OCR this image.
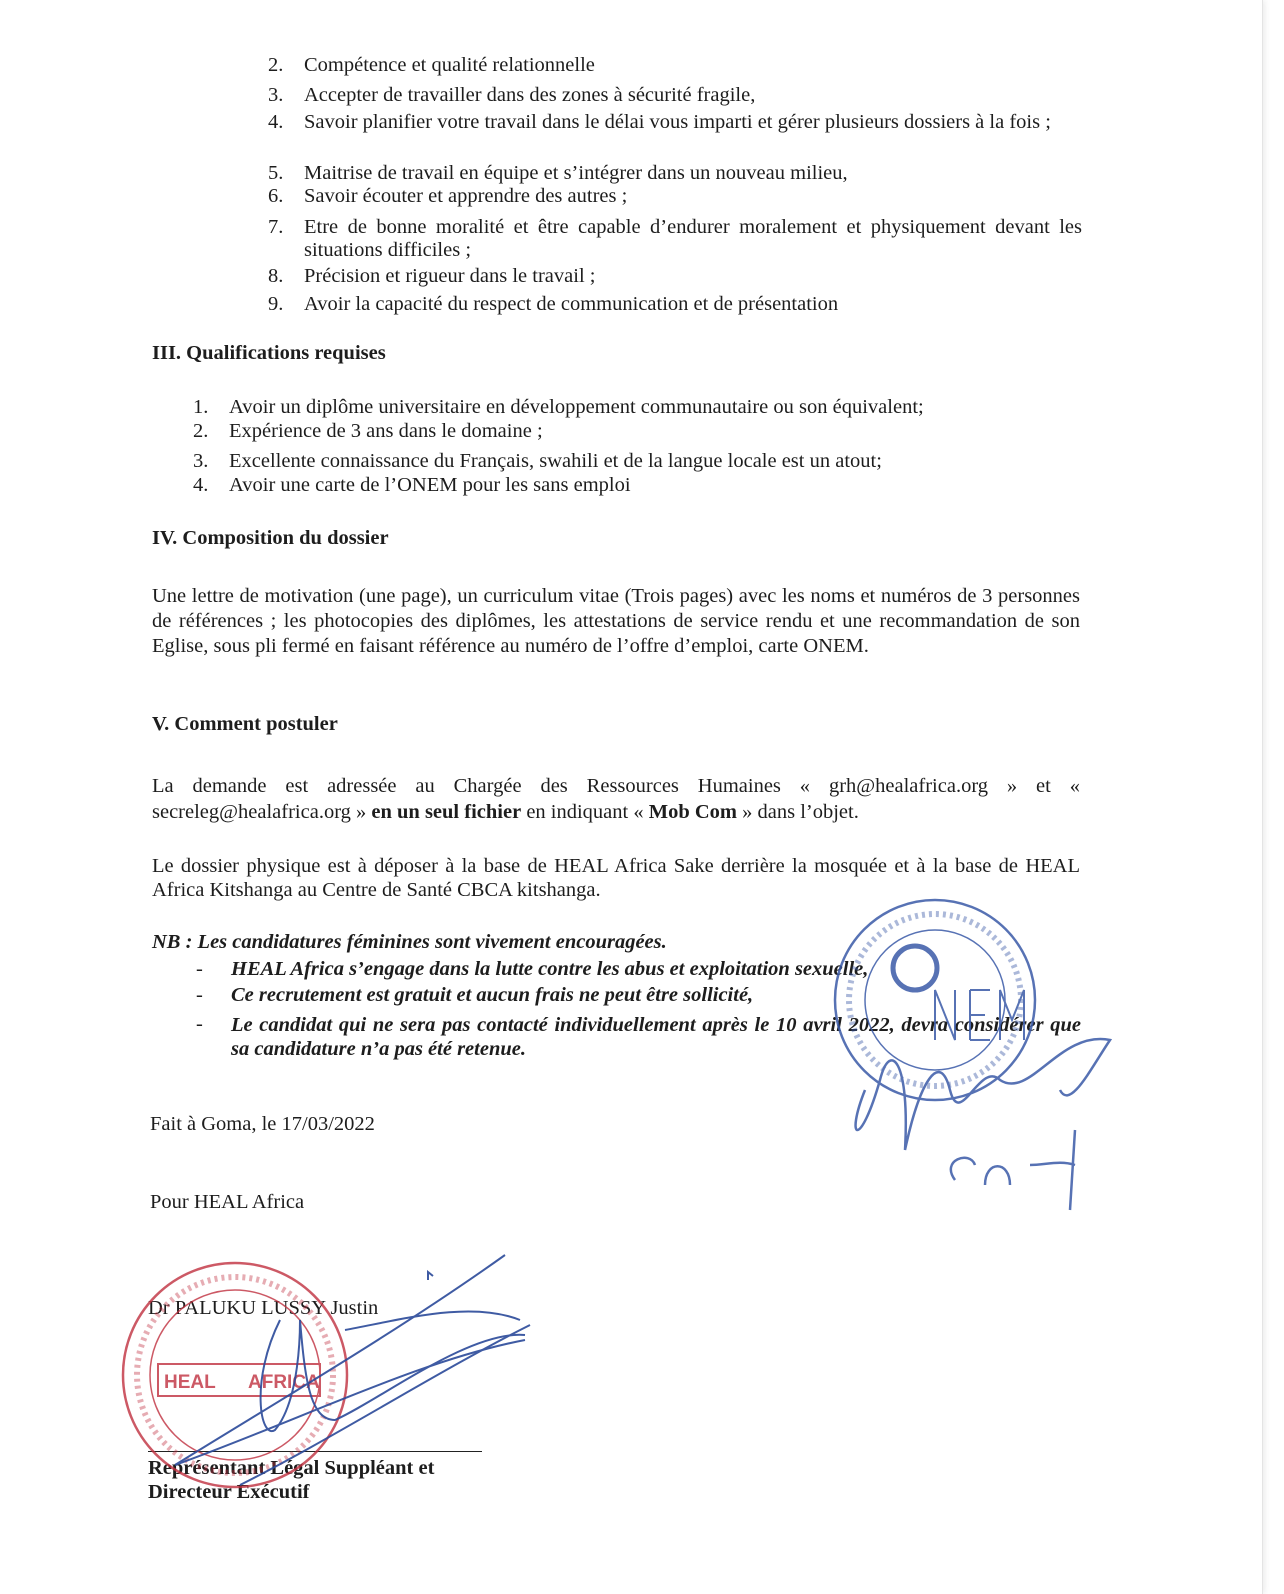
2. Compétence et qualité relationnelle
3. Accepter de travailler dans des zones à sécurité fragile,
4. Savoir planifier votre travail dans le délai vous imparti et gérer plusieurs dossiers à la fois ;
5. Maitrise de travail en équipe et s’intégrer dans un nouveau milieu,
6. Savoir écouter et apprendre des autres ;
7. Etre de bonne moralité et être capable d’endurer moralement et physiquement devant les situations difficiles ;
8. Précision et rigueur dans le travail ;
9. Avoir la capacité du respect de communication et de présentation
III. Qualifications requises
1. Avoir un diplôme universitaire en développement communautaire ou son équivalent;
2. Expérience de 3 ans dans le domaine ;
3. Excellente connaissance du Français, swahili et de la langue locale est un atout;
4. Avoir une carte de l’ONEM pour les sans emploi
IV. Composition du dossier
Une lettre de motivation (une page), un curriculum vitae (Trois pages) avec les noms et numéros de 3 personnes de références ; les photocopies des diplômes, les attestations de service rendu et une recommandation de son Eglise, sous pli fermé en faisant référence au numéro de l’offre d’emploi, carte ONEM.
V. Comment postuler
La demande est adressée au Chargée des Ressources Humaines « grh@healafrica.org » et « secreleg@healafrica.org » en un seul fichier en indiquant « Mob Com » dans l’objet.
Le dossier physique est à déposer à la base de HEAL Africa Sake derrière la mosquée et à la base de HEAL Africa Kitshanga au Centre de Santé CBCA kitshanga.
NB : Les candidatures féminines sont vivement encouragées.
- HEAL Africa s’engage dans la lutte contre les abus et exploitation sexuelle,
- Ce recrutement est gratuit et aucun frais ne peut être sollicité,
- Le candidat qui ne sera pas contacté individuellement après le 10 avril 2022, devra considérer que sa candidature n’a pas été retenue.
Fait à Goma, le 17/03/2022
Pour HEAL Africa
Dr PALUKU LUSSY Justin
Représentant Légal Suppléant et
Directeur Exécutif
HEAL AFRICA
